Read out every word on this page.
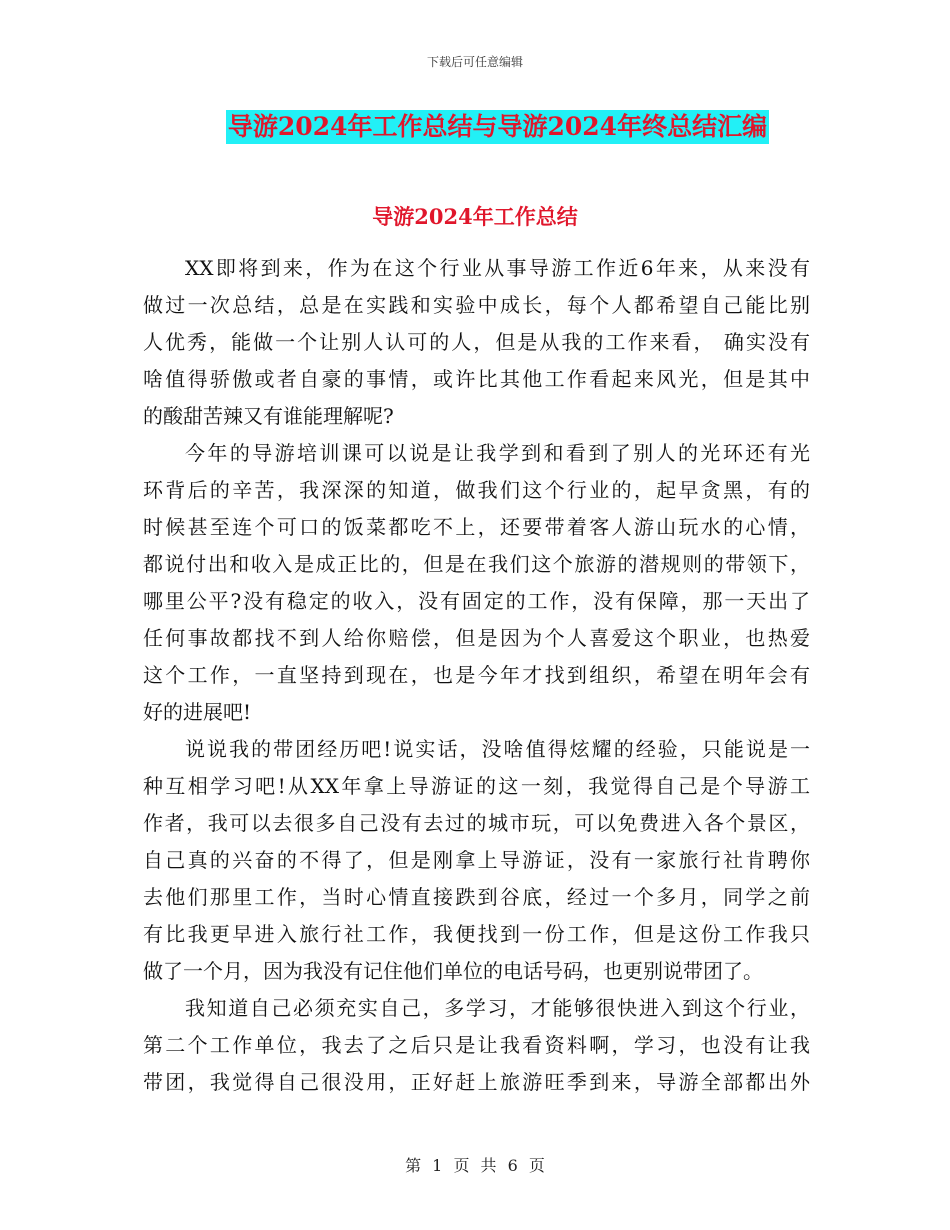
下载后可任意编辑
导游2024年工作总结与导游2024年终总结汇编
导游2024年工作总结
XX即将到来，作为在这个行业从事导游工作近6年来，从来没有
做过一次总结，总是在实践和实验中成长，每个人都希望自己能比别
人优秀，能做一个让别人认可的人，但是从我的工作来看， 确实没有
啥值得骄傲或者自豪的事情，或许比其他工作看起来风光，但是其中
的酸甜苦辣又有谁能理解呢?
今年的导游培训课可以说是让我学到和看到了别人的光环还有光
环背后的辛苦，我深深的知道，做我们这个行业的，起早贪黑，有的
时候甚至连个可口的饭菜都吃不上，还要带着客人游山玩水的心情，
都说付出和收入是成正比的，但是在我们这个旅游的潜规则的带领下，
哪里公平?没有稳定的收入，没有固定的工作，没有保障，那一天出了
任何事故都找不到人给你赔偿，但是因为个人喜爱这个职业，也热爱
这个工作，一直坚持到现在，也是今年才找到组织，希望在明年会有
好的进展吧!
说说我的带团经历吧!说实话，没啥值得炫耀的经验，只能说是一
种互相学习吧!从XX年拿上导游证的这一刻，我觉得自己是个导游工
作者，我可以去很多自己没有去过的城市玩，可以免费进入各个景区，
自己真的兴奋的不得了，但是刚拿上导游证，没有一家旅行社肯聘你
去他们那里工作，当时心情直接跌到谷底，经过一个多月，同学之前
有比我更早进入旅行社工作，我便找到一份工作，但是这份工作我只
做了一个月，因为我没有记住他们单位的电话号码，也更别说带团了。
我知道自己必须充实自己，多学习，才能够很快进入到这个行业，
第二个工作单位，我去了之后只是让我看资料啊，学习，也没有让我
带团，我觉得自己很没用，正好赶上旅游旺季到来，导游全部都出外
第 1 页 共 6 页
